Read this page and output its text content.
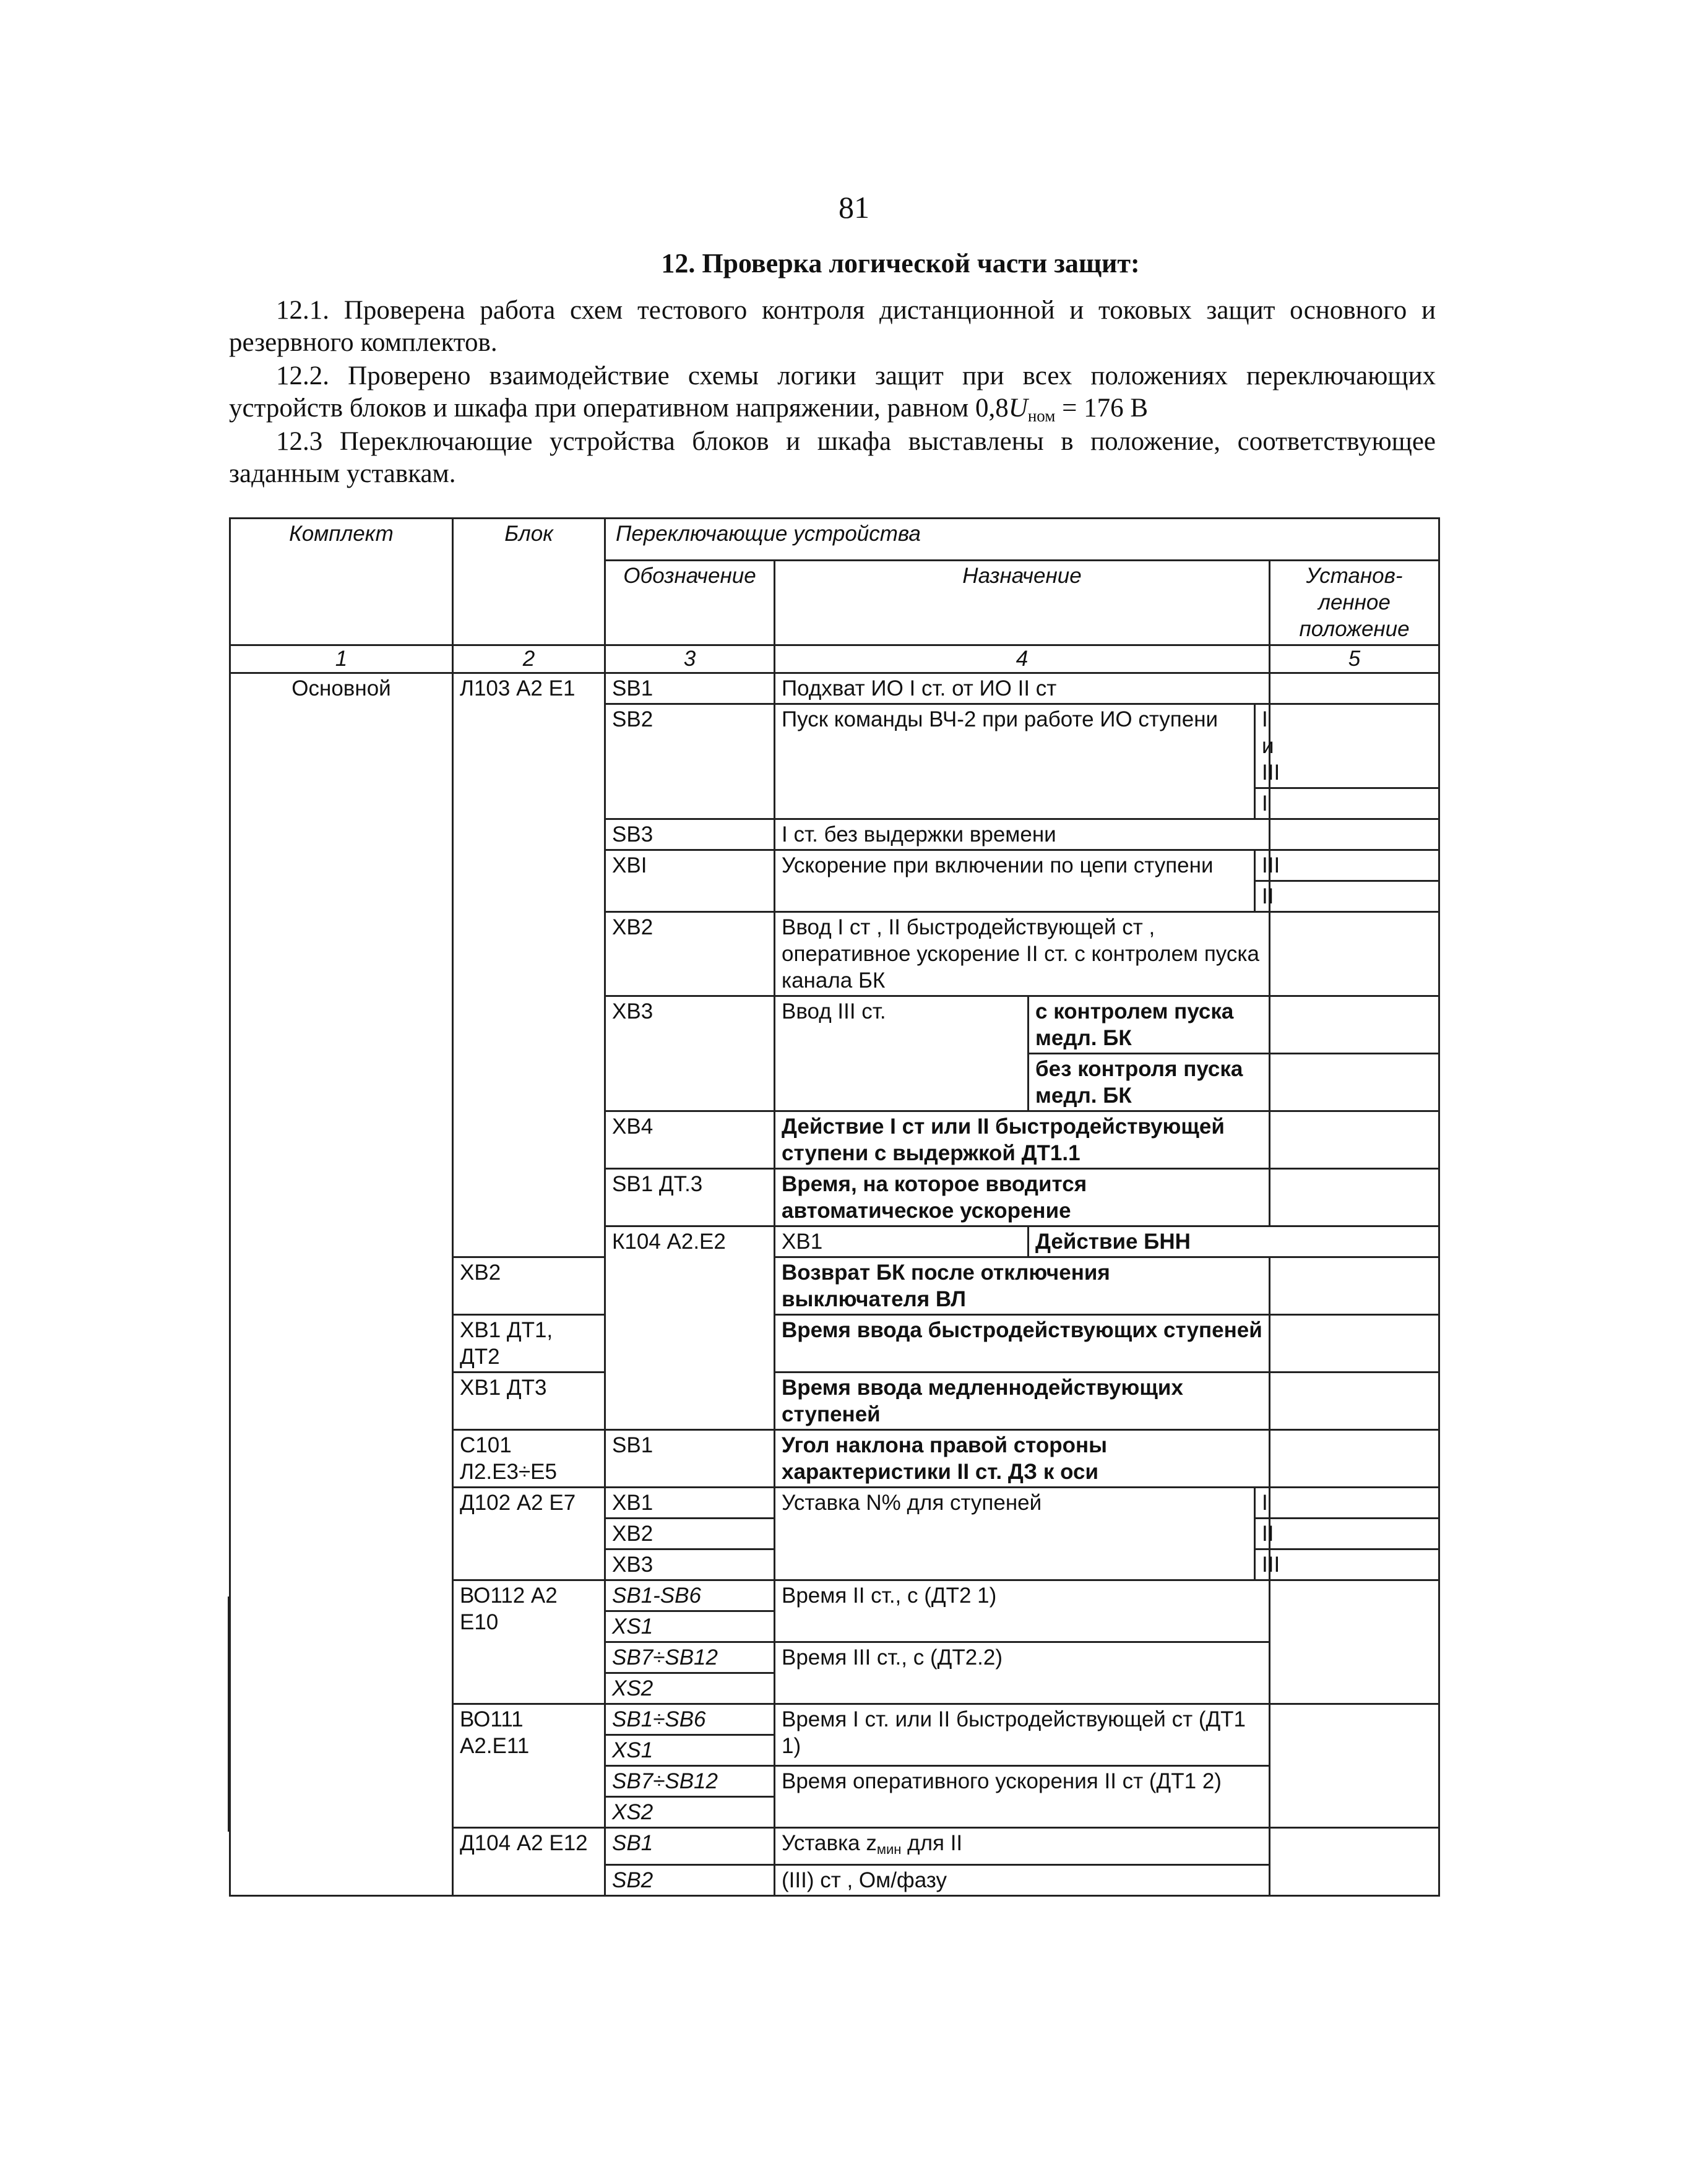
81
12. Проверка логической части защит:
12.1. Проверена работа схем тестового контроля дистанционной и токовых защит основного и резервного комплектов.
12.2. Проверено взаимодействие схемы логики защит при всех положениях переключающих устройств блоков и шкафа при оперативном напряжении, равном $0,8U_{ном} = 176$ В
12.3 Переключающие устройства блоков и шкафа выставлены в положение, соответствующее заданным уставкам.
Комплект	Блок	Переключающие устройства					
		Обозначение	Назначение			Установ-ленное положение	
1	2	3	4			5	
Основной	Л103 А2 Е1	SB1	Подхват ИО I ст. от ИО II ст				
		SB2	Пуск команды ВЧ-2 при работе ИО ступени		I и III		
					I		
		SB3	I ст. без выдержки времени				
		XBI	Ускорение при включении по цепи ступени		III		
					II		
		XB2	Ввод I ст , II быстродействующей ст , оперативное ускорение II ст. с контролем пуска канала БК				
		XB3	Ввод III ст.	с контролем пуска медл. БК			
				без контроля пуска медл. БК			
		XB4	Действие I ст или II быстродействующей ступени с выдержкой ДТ1.1				
		SB1 ДТ.3	Время, на которое вводится автоматическое ускорение				
		К104 А2.Е2	XB1	Действие БНН			
	XB2		Возврат БК после отключения выключателя ВЛ				
	XB1 ДТ1, ДТ2		Время ввода быстродействующих ступеней				
	XB1 ДТ3		Время ввода медленнодействующих ступеней				
	С101 Л2.Е3÷Е5	SB1	Угол наклона правой стороны характеристики II ст. ДЗ к оси				
	Д102 А2 Е7	XB1	Уставка N% для ступеней		I		
		XB2			II		
		XB3			III		
	ВО112 А2 Е10	SB1-SB6	Время II ст., с (ДТ2 1)				
		XS1					
		SB7÷SB12	Время III ст., с (ДТ2.2)				
		XS2					
	ВО111 А2.Е11	SB1÷SB6	Время I ст. или II быстродействующей ст (ДТ1 1)				
		XS1					
		SB7÷SB12	Время оперативного ускорения II ст (ДТ1 2)				
		XS2					
	Д104 А2 Е12	SB1	Уставка $z_{мин}$ для II				
		SB2	(III) ст , Ом/фазу				
